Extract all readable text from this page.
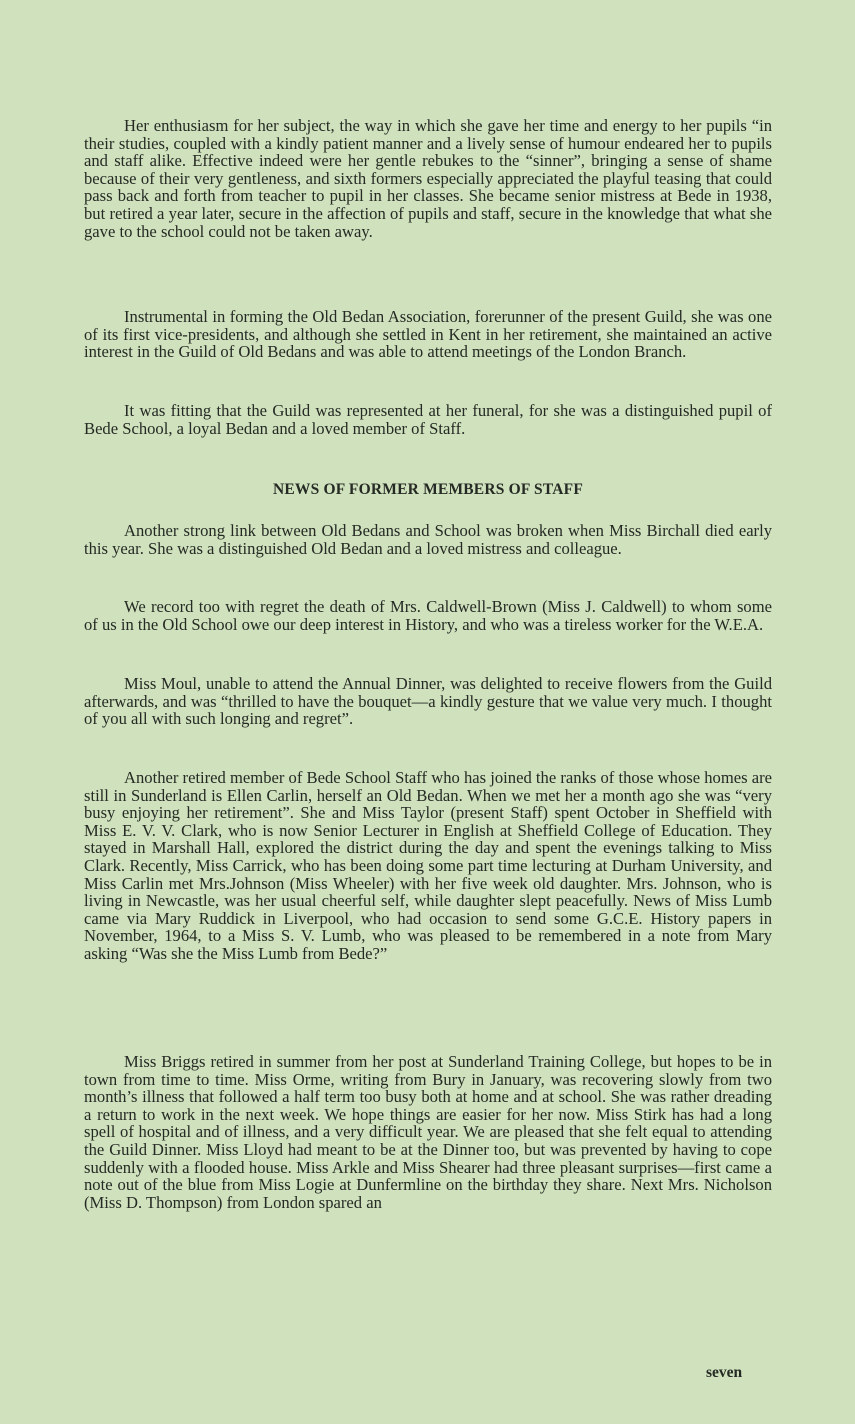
Her enthusiasm for her subject, the way in which she gave her time and energy to her pupils “in their studies, coupled with a kindly patient manner and a lively sense of humour endeared her to pupils and staff alike. Effective indeed were her gentle rebukes to the “sinner”, bringing a sense of shame because of their very gentleness, and sixth formers especially appreciated the playful teasing that could pass back and forth from teacher to pupil in her classes. She became senior mistress at Bede in 1938, but retired a year later, secure in the affection of pupils and staff, secure in the knowledge that what she gave to the school could not be taken away.

Instrumental in forming the Old Bedan Association, forerunner of the present Guild, she was one of its first vice-presidents, and although she settled in Kent in her retirement, she maintained an active interest in the Guild of Old Bedans and was able to attend meetings of the London Branch.

It was fitting that the Guild was represented at her funeral, for she was a distinguished pupil of Bede School, a loyal Bedan and a loved member of Staff.

NEWS OF FORMER MEMBERS OF STAFF

Another strong link between Old Bedans and School was broken when Miss Birchall died early this year. She was a distinguished Old Bedan and a loved mistress and colleague.

We record too with regret the death of Mrs. Caldwell-Brown (Miss J. Caldwell) to whom some of us in the Old School owe our deep interest in History, and who was a tireless worker for the W.E.A.

Miss Moul, unable to attend the Annual Dinner, was delighted to receive flowers from the Guild afterwards, and was “thrilled to have the bouquet—a kindly gesture that we value very much. I thought of you all with such longing and regret”.

Another retired member of Bede School Staff who has joined the ranks of those whose homes are still in Sunderland is Ellen Carlin, herself an Old Bedan. When we met her a month ago she was “very busy enjoying her retirement”. She and Miss Taylor (present Staff) spent October in Sheffield with Miss E. V. V. Clark, who is now Senior Lecturer in English at Sheffield College of Education. They stayed in Marshall Hall, explored the district during the day and spent the evenings talking to Miss Clark. Recently, Miss Carrick, who has been doing some part time lecturing at Durham University, and Miss Carlin met Mrs.Johnson (Miss Wheeler) with her five week old daughter. Mrs. Johnson, who is living in Newcastle, was her usual cheerful self, while daughter slept peacefully. News of Miss Lumb came via Mary Ruddick in Liverpool, who had occasion to send some G.C.E. History papers in November, 1964, to a Miss S. V. Lumb, who was pleased to be remembered in a note from Mary asking “Was she the Miss Lumb from Bede?”

Miss Briggs retired in summer from her post at Sunderland Training College, but hopes to be in town from time to time. Miss Orme, writing from Bury in January, was recovering slowly from two month’s illness that followed a half term too busy both at home and at school. She was rather dreading a return to work in the next week. We hope things are easier for her now. Miss Stirk has had a long spell of hospital and of illness, and a very difficult year. We are pleased that she felt equal to attending the Guild Dinner. Miss Lloyd had meant to be at the Dinner too, but was prevented by having to cope suddenly with a flooded house. Miss Arkle and Miss Shearer had three pleasant surprises—first came a note out of the blue from Miss Logie at Dunfermline on the birthday they share. Next Mrs. Nicholson (Miss D. Thompson) from London spared an

seven
